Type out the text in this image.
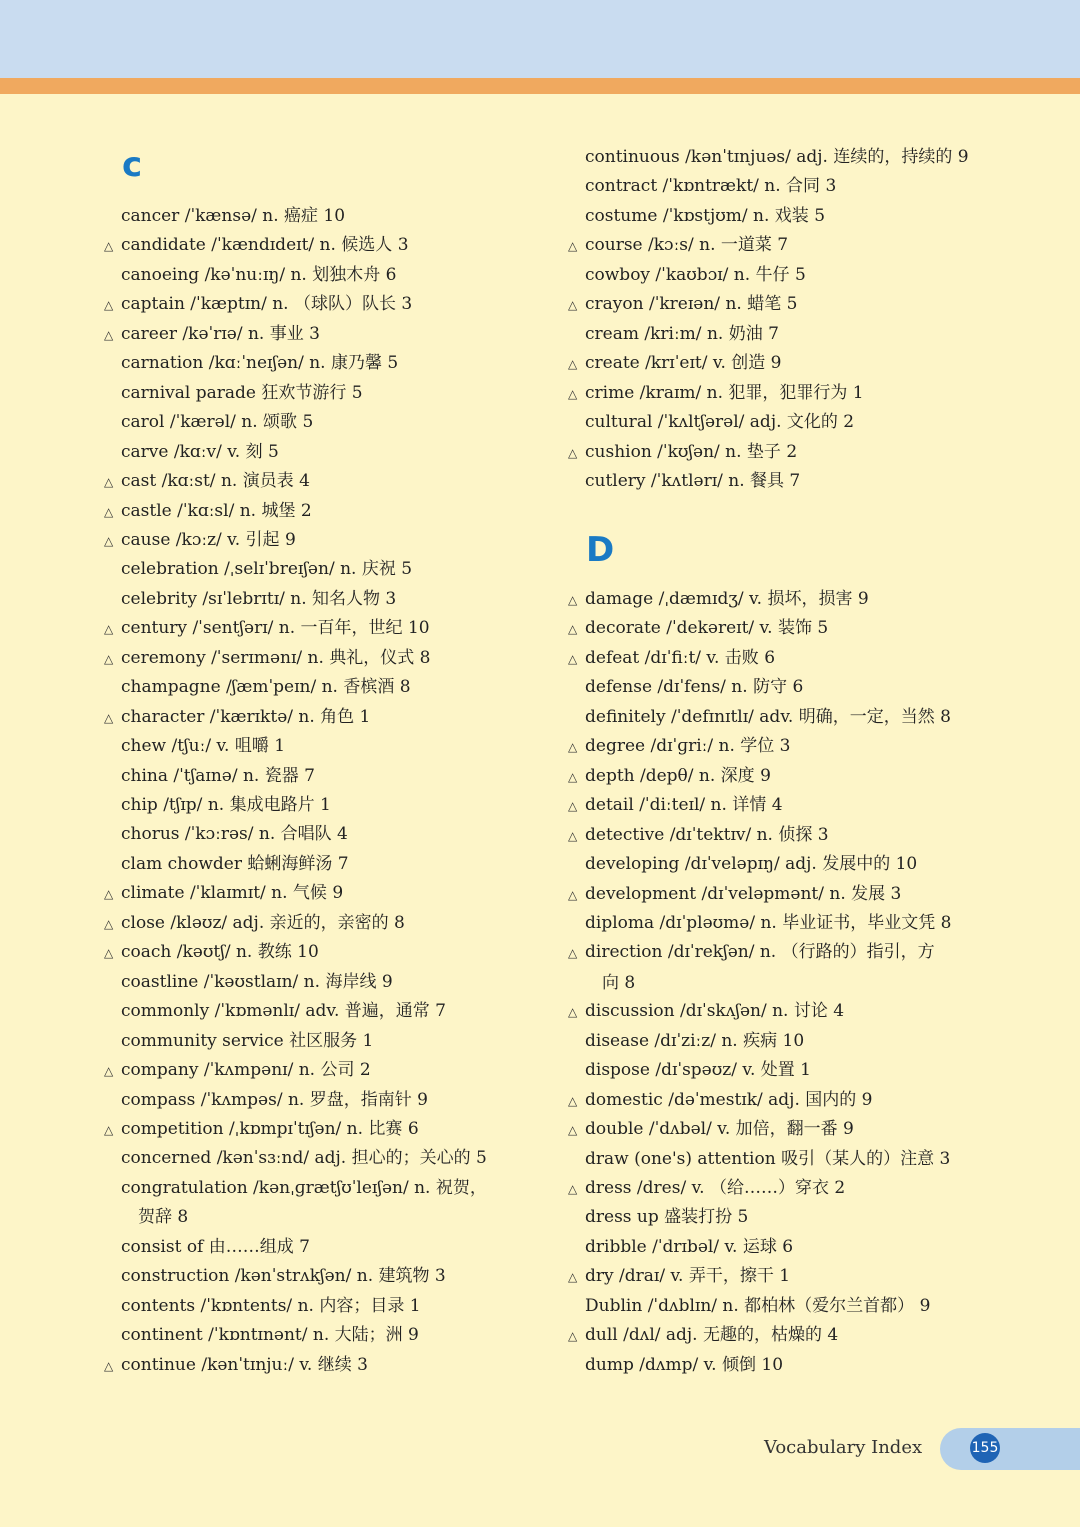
c
cancer /ˈkænsə/ n. 癌症 10
△ candidate /ˈkændɪdeɪt/ n. 候选人 3
canoeing /kəˈnuːɪŋ/ n. 划独木舟 6
△ captain /ˈkæptɪn/ n. （球队）队长 3
△ career /kəˈrɪə/ n. 事业 3
carnation /kɑːˈneɪʃən/ n. 康乃馨 5
carnival parade 狂欢节游行 5
carol /ˈkærəl/ n. 颂歌 5
carve /kɑːv/ v. 刻 5
△ cast /kɑːst/ n. 演员表 4
△ castle /ˈkɑːsl/ n. 城堡 2
△ cause /kɔːz/ v. 引起 9
celebration /ˌselɪˈbreɪʃən/ n. 庆祝 5
celebrity /sɪˈlebrɪtɪ/ n. 知名人物 3
△ century /ˈsentʃərɪ/ n. 一百年，世纪 10
△ ceremony /ˈserɪmənɪ/ n. 典礼，仪式 8
champagne /ʃæmˈpeɪn/ n. 香槟酒 8
△ character /ˈkærɪktə/ n. 角色 1
chew /tʃuː/ v. 咀嚼 1
china /ˈtʃaɪnə/ n. 瓷器 7
chip /tʃɪp/ n. 集成电路片 1
chorus /ˈkɔːrəs/ n. 合唱队 4
clam chowder 蛤蜊海鲜汤 7
△ climate /ˈklaɪmɪt/ n. 气候 9
△ close /kləʊz/ adj. 亲近的，亲密的 8
△ coach /kəʊtʃ/ n. 教练 10
coastline /ˈkəʊstlaɪn/ n. 海岸线 9
commonly /ˈkɒmənlɪ/ adv. 普遍，通常 7
community service 社区服务 1
△ company /ˈkʌmpənɪ/ n. 公司 2
compass /ˈkʌmpəs/ n. 罗盘，指南针 9
△ competition /ˌkɒmpɪˈtɪʃən/ n. 比赛 6
concerned /kənˈsɜːnd/ adj. 担心的；关心的 5
congratulation /kənˌɡrætʃʊˈleɪʃən/ n. 祝贺，
贺辞 8
consist of 由……组成 7
construction /kənˈstrʌkʃən/ n. 建筑物 3
contents /ˈkɒntents/ n. 内容；目录 1
continent /ˈkɒntɪnənt/ n. 大陆；洲 9
△ continue /kənˈtɪnjuː/ v. 继续 3
continuous /kənˈtɪnjuəs/ adj. 连续的，持续的 9
contract /ˈkɒntrækt/ n. 合同 3
costume /ˈkɒstjʊm/ n. 戏装 5
△ course /kɔːs/ n. 一道菜 7
cowboy /ˈkaʊbɔɪ/ n. 牛仔 5
△ crayon /ˈkreɪən/ n. 蜡笔 5
cream /kriːm/ n. 奶油 7
△ create /krɪˈeɪt/ v. 创造 9
△ crime /kraɪm/ n. 犯罪，犯罪行为 1
cultural /ˈkʌltʃərəl/ adj. 文化的 2
△ cushion /ˈkʊʃən/ n. 垫子 2
cutlery /ˈkʌtlərɪ/ n. 餐具 7
D
△ damage /ˌdæmɪdʒ/ v. 损坏，损害 9
△ decorate /ˈdekəreɪt/ v. 装饰 5
△ defeat /dɪˈfiːt/ v. 击败 6
defense /dɪˈfens/ n. 防守 6
definitely /ˈdefɪnɪtlɪ/ adv. 明确，一定，当然 8
△ degree /dɪˈɡriː/ n. 学位 3
△ depth /depθ/ n. 深度 9
△ detail /ˈdiːteɪl/ n. 详情 4
△ detective /dɪˈtektɪv/ n. 侦探 3
developing /dɪˈveləpɪŋ/ adj. 发展中的 10
△ development /dɪˈveləpmənt/ n. 发展 3
diploma /dɪˈpləʊmə/ n. 毕业证书，毕业文凭 8
△ direction /dɪˈrekʃən/ n. （行路的）指引，方
向 8
△ discussion /dɪˈskʌʃən/ n. 讨论 4
disease /dɪˈziːz/ n. 疾病 10
dispose /dɪˈspəʊz/ v. 处置 1
△ domestic /dəˈmestɪk/ adj. 国内的 9
△ double /ˈdʌbəl/ v. 加倍，翻一番 9
draw (one's) attention 吸引（某人的）注意 3
△ dress /dres/ v. （给……）穿衣 2
dress up 盛装打扮 5
dribble /ˈdrɪbəl/ v. 运球 6
△ dry /draɪ/ v. 弄干，擦干 1
Dublin /ˈdʌblɪn/ n. 都柏林（爱尔兰首都） 9
△ dull /dʌl/ adj. 无趣的，枯燥的 4
dump /dʌmp/ v. 倾倒 10
Vocabulary Index	155
